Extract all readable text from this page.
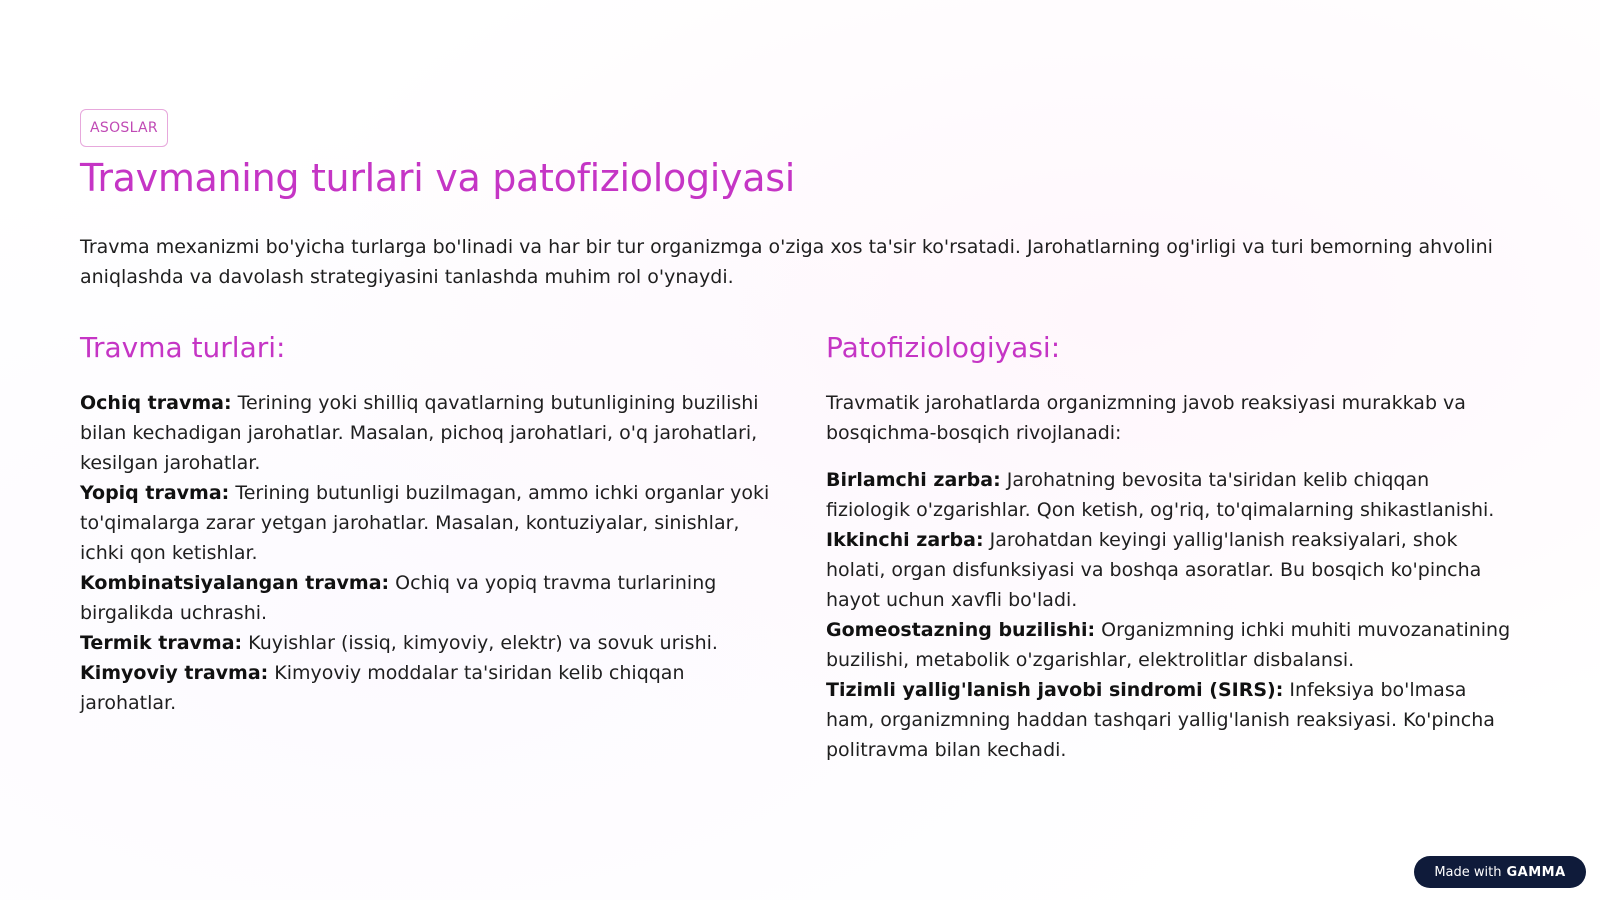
ASOSLAR
Travmaning turlari va patofiziologiyasi

Travma mexanizmi bo'yicha turlarga bo'linadi va har bir tur organizmga o'ziga xos ta'sir ko'rsatadi. Jarohatlarning og'irligi va turi bemorning ahvolini aniqlashda va davolash strategiyasini tanlashda muhim rol o'ynaydi.

Travma turlari:

Ochiq travma: Terining yoki shilliq qavatlarning butunligining buzilishi bilan kechadigan jarohatlar. Masalan, pichoq jarohatlari, o'q jarohatlari, kesilgan jarohatlar.

Yopiq travma: Terining butunligi buzilmagan, ammo ichki organlar yoki to'qimalarga zarar yetgan jarohatlar. Masalan, kontuziyalar, sinishlar, ichki qon ketishlar.

Kombinatsiyalangan travma: Ochiq va yopiq travma turlarining birgalikda uchrashi.

Termik travma: Kuyishlar (issiq, kimyoviy, elektr) va sovuk urishi.

Kimyoviy travma: Kimyoviy moddalar ta'siridan kelib chiqqan jarohatlar.

Patofiziologiyasi:

Travmatik jarohatlarda organizmning javob reaksiyasi murakkab va bosqichma-bosqich rivojlanadi:

Birlamchi zarba: Jarohatning bevosita ta'siridan kelib chiqqan fiziologik o'zgarishlar. Qon ketish, og'riq, to'qimalarning shikastlanishi.

Ikkinchi zarba: Jarohatdan keyingi yallig'lanish reaksiyalari, shok holati, organ disfunksiyasi va boshqa asoratlar. Bu bosqich ko'pincha hayot uchun xavfli bo'ladi.

Gomeostazning buzilishi: Organizmning ichki muhiti muvozanatining buzilishi, metabolik o'zgarishlar, elektrolitlar disbalansi.

Tizimli yallig'lanish javobi sindromi (SIRS): Infeksiya bo'lmasa ham, organizmning haddan tashqari yallig'lanish reaksiyasi. Ko'pincha politravma bilan kechadi.

Made with GAMMA
